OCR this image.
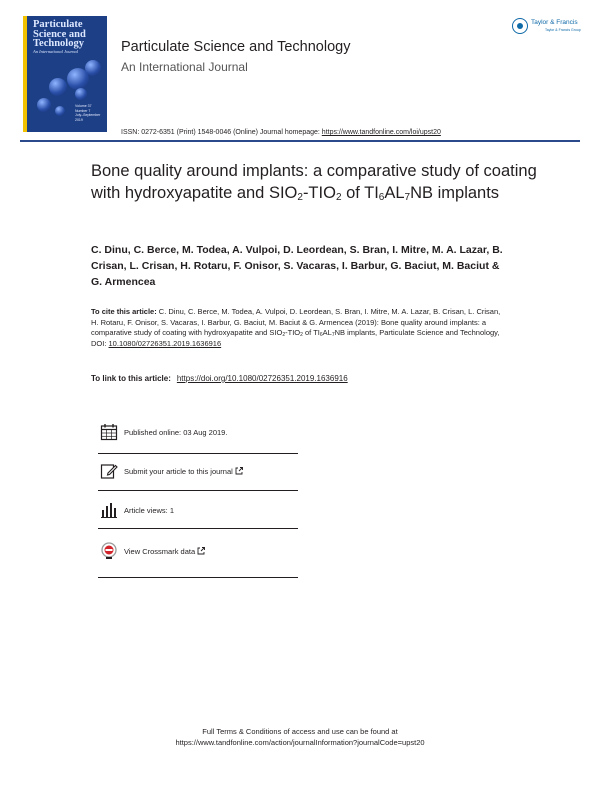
Particulate
Science and
Technology
An International Journal
Volume 37
Number 7
July–September
2019
Particulate Science and Technology
An International Journal
Taylor & Francis
Taylor & Francis Group
ISSN: 0272-6351 (Print) 1548-0046 (Online) Journal homepage: https://www.tandfonline.com/loi/upst20
Bone quality around implants: a comparative study of coating with hydroxyapatite and $SIO_2-TIO_2$ of $TI_6AL_7NB$ implants
C. Dinu, C. Berce, M. Todea, A. Vulpoi, D. Leordean, S. Bran, I. Mitre, M. A. Lazar, B. Crisan, L. Crisan, H. Rotaru, F. Onisor, S. Vacaras, I. Barbur, G. Baciut, M. Baciut & G. Armencea
To cite this article: C. Dinu, C. Berce, M. Todea, A. Vulpoi, D. Leordean, S. Bran, I. Mitre, M. A. Lazar, B. Crisan, L. Crisan, H. Rotaru, F. Onisor, S. Vacaras, I. Barbur, G. Baciut, M. Baciut & G. Armencea (2019): Bone quality around implants: a comparative study of coating with hydroxyapatite and $SIO_2-TIO_2$ of $TI_6AL_7NB$ implants, Particulate Science and Technology, DOI: 10.1080/02726351.2019.1636916
To link to this article: https://doi.org/10.1080/02726351.2019.1636916
Published online: 03 Aug 2019.
Submit your article to this journal
Article views: 1
View Crossmark data
Full Terms & Conditions of access and use can be found at
https://www.tandfonline.com/action/journalInformation?journalCode=upst20
